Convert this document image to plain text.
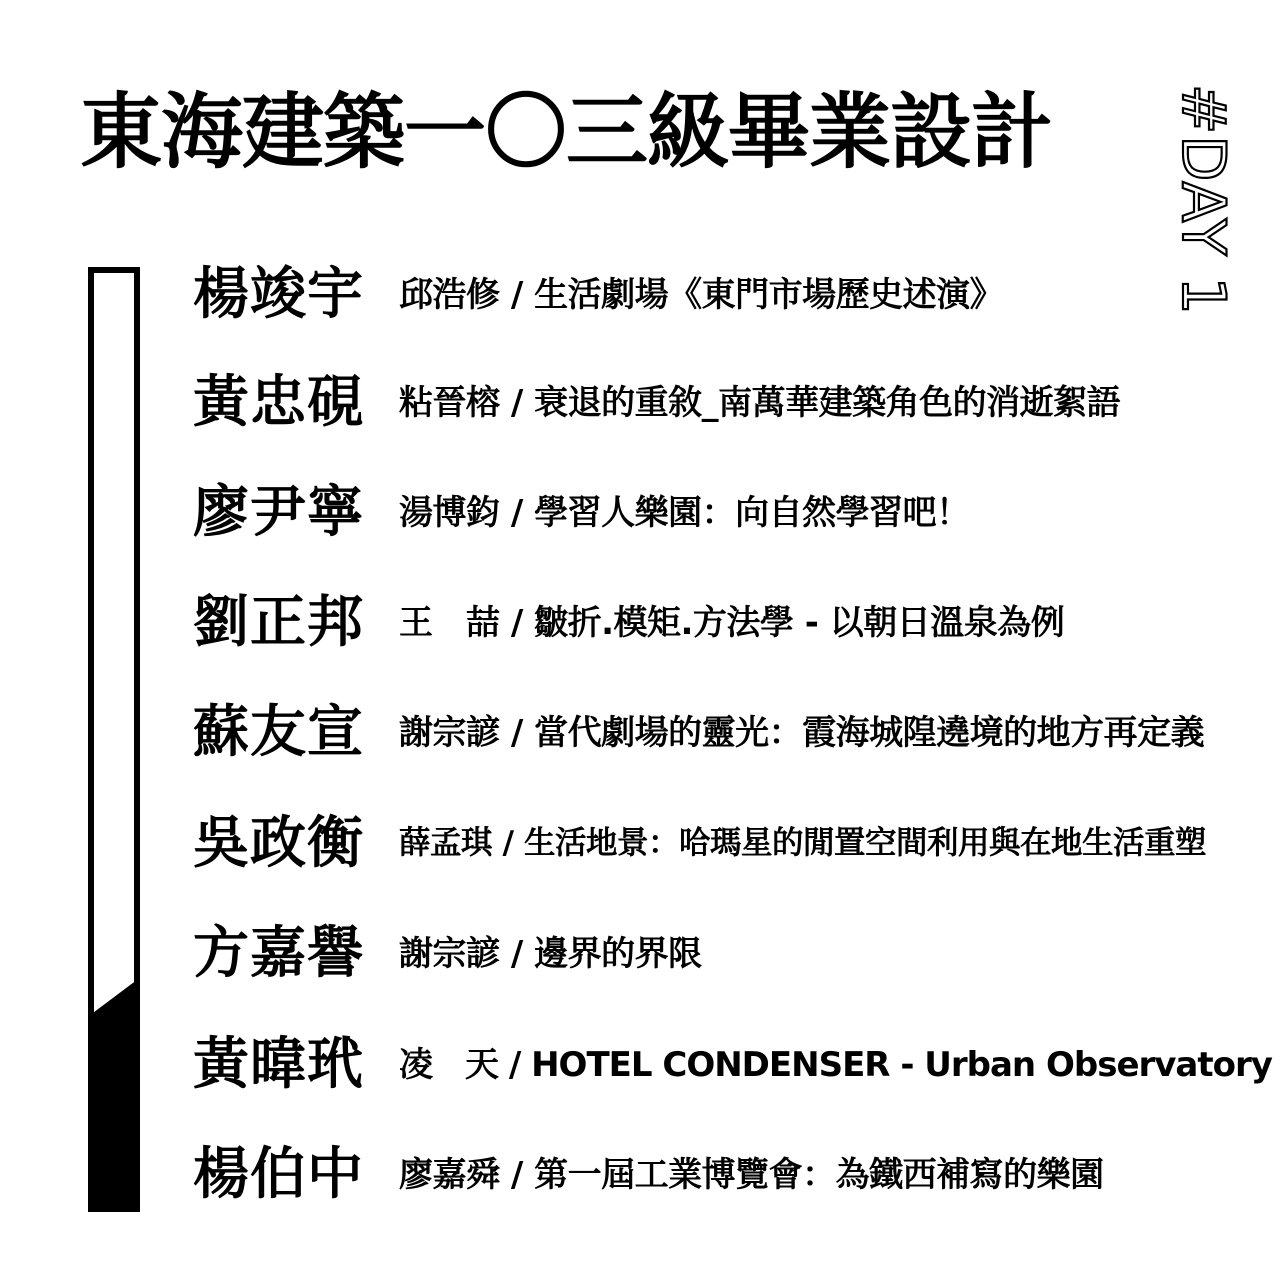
東海建築一〇三級畢業設計 #DAY 1
楊竣宇	邱浩修 / 生活劇場《東門市場歷史述演》
黃忠硯	粘晉榕 / 衰退的重敘_南萬華建築角色的消逝絮語
廖尹寧	湯博鈞 / 學習人樂園：向自然學習吧！
劉正邦	王　喆 / 皺折.模矩.方法學 - 以朝日溫泉為例
蘇友宣	謝宗諺 / 當代劇場的靈光：霞海城隍遶境的地方再定義
吳政衡	薛孟琪 / 生活地景：哈瑪星的閒置空間利用與在地生活重塑
方嘉譽	謝宗諺 / 邊界的界限
黃暐玳	凌　天 / HOTEL CONDENSER - Urban Observatory
楊伯中	廖嘉舜 / 第一屆工業博覽會：為鐵西補寫的樂園
